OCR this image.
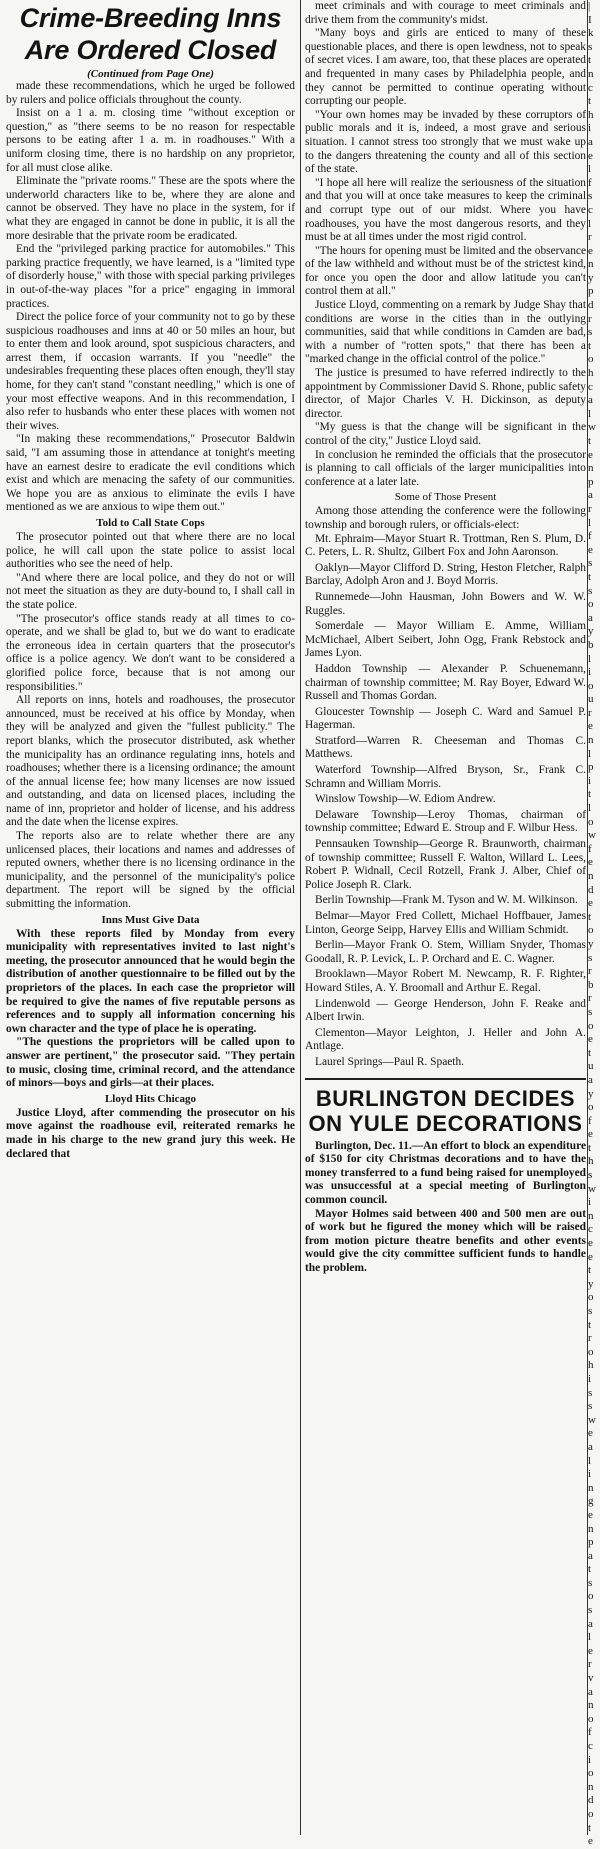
Crime-Breeding Inns
Are Ordered Closed
(Continued from Page One)

made these recommendations, which he urged be followed by rulers and police officials throughout the county.

Insist on a 1 a. m. closing time "without exception or question," as "there seems to be no reason for respectable persons to be eating after 1 a. m. in roadhouses." With a uniform closing time, there is no hardship on any proprietor, for all must close alike.

Eliminate the "private rooms." These are the spots where the underworld characters like to be, where they are alone and cannot be observed. They have no place in the system, for if what they are engaged in cannot be done in public, it is all the more desirable that the private room be eradicated.

End the "privileged parking practice for automobiles." This parking practice frequently, we have learned, is a "limited type of disorderly house," with those with special parking privileges in out-of-the-way places "for a price" engaging in immoral practices.

Direct the police force of your community not to go by these suspicious roadhouses and inns at 40 or 50 miles an hour, but to enter them and look around, spot suspicious characters, and arrest them, if occasion warrants. If you "needle" the undesirables frequenting these places often enough, they'll stay home, for they can't stand "constant needling," which is one of your most effective weapons. And in this recommendation, I also refer to husbands who enter these places with women not their wives.

"In making these recommendations," Prosecutor Baldwin said, "I am assuming those in attendance at tonight's meeting have an earnest desire to eradicate the evil conditions which exist and which are menacing the safety of our communities. We hope you are as anxious to eliminate the evils I have mentioned as we are anxious to wipe them out."

Told to Call State Cops

The prosecutor pointed out that where there are no local police, he will call upon the state police to assist local authorities who see the need of help.

"And where there are local police, and they do not or will not meet the situation as they are duty-bound to, I shall call in the state police.

"The prosecutor's office stands ready at all times to co-operate, and we shall be glad to, but we do want to eradicate the erroneous idea in certain quarters that the prosecutor's office is a police agency. We don't want to be considered a glorified police force, because that is not among our responsibilities."

All reports on inns, hotels and roadhouses, the prosecutor announced, must be received at his office by Monday, when they will be analyzed and given the "fullest publicity." The report blanks, which the prosecutor distributed, ask whether the municipality has an ordinance regulating inns, hotels and roadhouses; whether there is a licensing ordinance; the amount of the annual license fee; how many licenses are now issued and outstanding, and data on licensed places, including the name of inn, proprietor and holder of license, and his address and the date when the license expires.

The reports also are to relate whether there are any unlicensed places, their locations and names and addresses of reputed owners, whether there is no licensing ordinance in the municipality, and the personnel of the municipality's police department. The report will be signed by the official submitting the information.

Inns Must Give Data

With these reports filed by Monday from every municipality with representatives invited to last night's meeting, the prosecutor announced that he would begin the distribution of another questionnaire to be filled out by the proprietors of the places. In each case the proprietor will be required to give the names of five reputable persons as references and to supply all information concerning his own character and the type of place he is operating.

"The questions the proprietors will be called upon to answer are pertinent," the prosecutor said. "They pertain to music, closing time, criminal record, and the attendance of minors—boys and girls—at their places.

Lloyd Hits Chicago

Justice Lloyd, after commending the prosecutor on his move against the roadhouse evil, reiterated remarks he made in his charge to the new grand jury this week. He declared that

meet criminals and with courage to meet criminals and drive them from the community's midst.

"Many boys and girls are enticed to many of these questionable places, and there is open lewdness, not to speak of secret vices. I am aware, too, that these places are operated and frequented in many cases by Philadelphia people, and they cannot be permitted to continue operating without corrupting our people.

"Your own homes may be invaded by these corruptors of public morals and it is, indeed, a most grave and serious situation. I cannot stress too strongly that we must wake up to the dangers threatening the county and all of this section of the state.

"I hope all here will realize the seriousness of the situation and that you will at once take measures to keep the criminal and corrupt type out of our midst. Where you have roadhouses, you have the most dangerous resorts, and they must be at all times under the most rigid control.

"The hours for opening must be limited and the observance of the law withheld and without must be of the strictest kind, for once you open the door and allow latitude you can't control them at all."

Justice Lloyd, commenting on a remark by Judge Shay that conditions are worse in the cities than in the outlying communities, said that while conditions in Camden are bad, with a number of "rotten spots," that there has been a "marked change in the official control of the police."

The justice is presumed to have referred indirectly to the appointment by Commissioner David S. Rhone, public safety director, of Major Charles V. H. Dickinson, as deputy director.

"My guess is that the change will be significant in the control of the city," Justice Lloyd said.

In conclusion he reminded the officials that the prosecutor is planning to call officials of the larger municipalities into conference at a later late.

Some of Those Present

Among those attending the conference were the following township and borough rulers, or officials-elect:

Mt. Ephraim—Mayor Stuart R. Trottman, Ren S. Plum, D. C. Peters, L. R. Shultz, Gilbert Fox and John Aaronson.

Oaklyn—Mayor Clifford D. String, Heston Fletcher, Ralph Barclay, Adolph Aron and J. Boyd Morris.

Runnemede—John Hausman, John Bowers and W. W. Ruggles.

Somerdale — Mayor William E. Amme, William McMichael, Albert Seibert, John Ogg, Frank Rebstock and James Lyon.

Haddon Township — Alexander P. Schuenemann, chairman of township committee; M. Ray Boyer, Edward W. Russell and Thomas Gordan.

Gloucester Township — Joseph C. Ward and Samuel P. Hagerman.

Stratford—Warren R. Cheeseman and Thomas C. Matthews.

Waterford Township—Alfred Bryson, Sr., Frank C. Schramn and William Morris.

Winslow Towship—W. Ediom Andrew.

Delaware Township—Leroy Thomas, chairman of township committee; Edward E. Stroup and F. Wilbur Hess.

Pennsauken Township—George R. Braunworth, chairman of township committee; Russell F. Walton, Willard L. Lees, Robert P. Widnall, Cecil Rotzell, Frank J. Alber, Chief of Police Joseph R. Clark.

Berlin Township—Frank M. Tyson and W. M. Wilkinson.

Belmar—Mayor Fred Collett, Michael Hoffbauer, James Linton, George Seipp, Harvey Ellis and William Schmidt.

Berlin—Mayor Frank O. Stem, William Snyder, Thomas Goodall, R. P. Levick, L. P. Orchard and E. C. Wagner.

Brooklawn—Mayor Robert M. Newcamp, R. F. Righter, Howard Stiles, A. Y. Broomall and Arthur E. Regal.

Lindenwold — George Henderson, John F. Reake and Albert Irwin.

Clementon—Mayor Leighton, J. Heller and John A. Antlage.

Laurel Springs—Paul R. Spaeth.

BURLINGTON DECIDES
ON YULE DECORATIONS

Burlington, Dec. 11.—An effort to block an expenditure of $150 for city Christmas decorations and to have the money transferred to a fund being raised for unemployed was unsuccessful at a special meeting of Burlington common council.

Mayor Holmes said between 400 and 500 men are out of work but he figured the money which will be raised from motion picture theatre benefits and other events would give the city committee sufficient funds to handle the problem.

|
I
k
s
t
n
c
t
h
i
a
e
l
f
s
c
l
r
e
n
y
p
d
r
s
t
o
h
c
a
l
w
t
e
n
p
a
r
l
f
e
s
t
s
o
a
y
b
l
i
o
u
r
e
n
l
p
i
t
l
o
w
f
e
n
d
e
t
o
y
s
r
b
r
s
o
e
t
u
a
y
o
f
e
t
h
s
w
i
n
c
e
e
t
y
o
s
t
r
o
h
i
s
s
w
e
a
l
i
n
g
e
n
p
a
t
s
o
s
a
l
e
r
v
a
n
o
f
c
i
o
n
d
o
t
e
